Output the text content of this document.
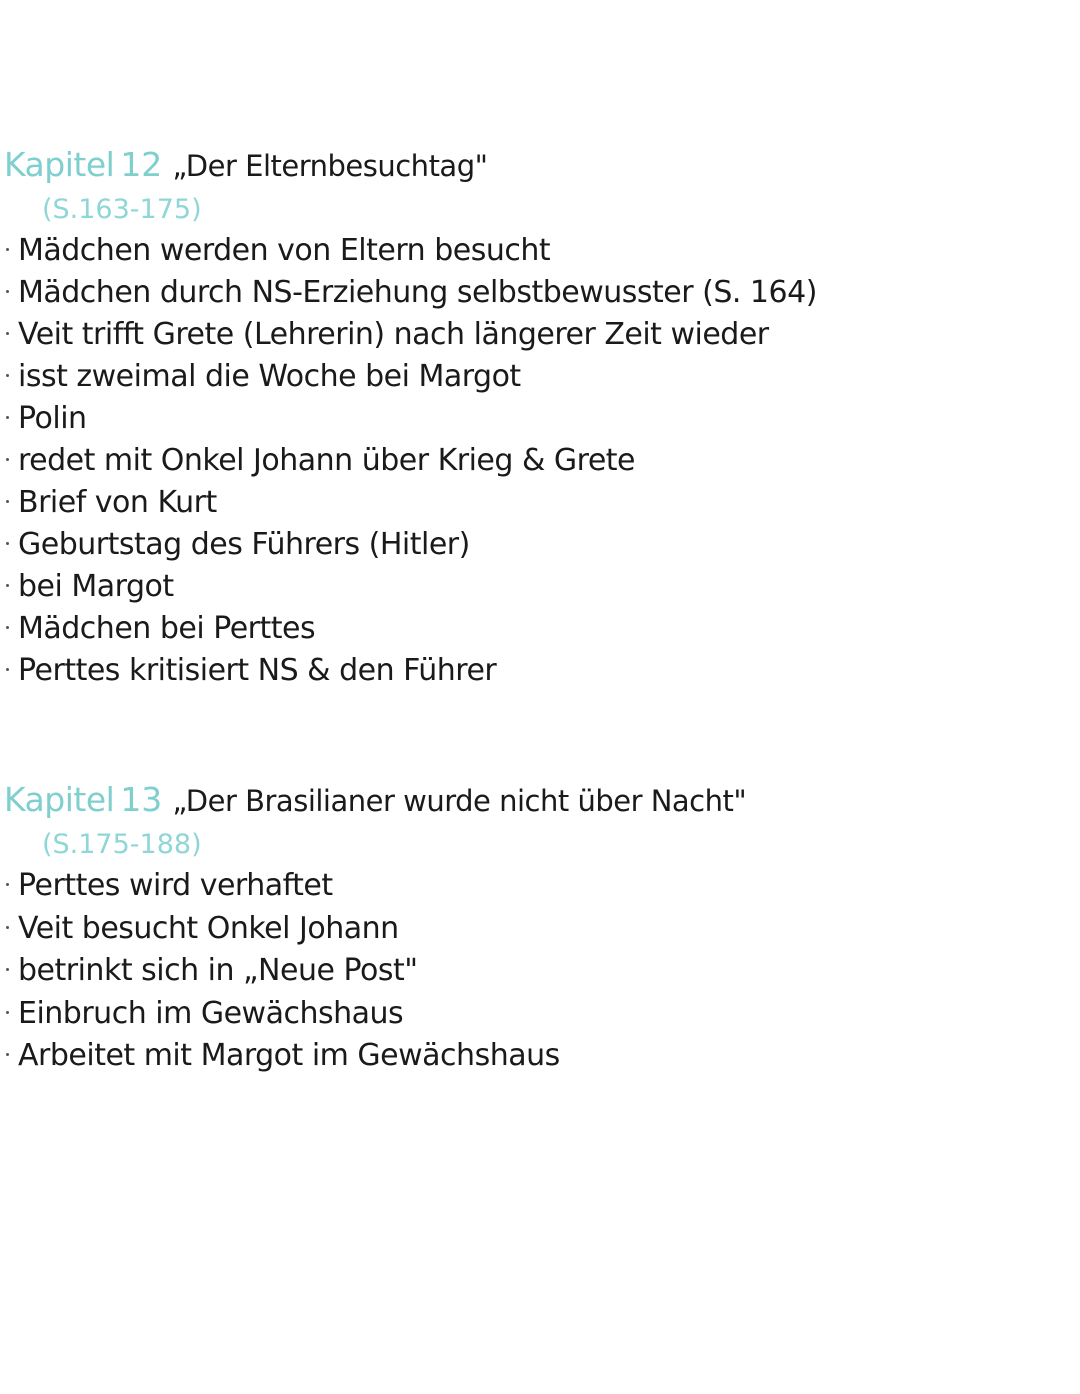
Kapitel 12 „Der Elternbesuchtag"
(S.163-175)
Mädchen werden von Eltern besucht
Mädchen durch NS-Erziehung selbstbewusster (S. 164)
Veit trifft Grete (Lehrerin) nach längerer Zeit wieder
isst zweimal die Woche bei Margot
Polin
redet mit Onkel Johann über Krieg & Grete
Brief von Kurt
Geburtstag des Führers (Hitler)
bei Margot
Mädchen bei Perttes
Perttes kritisiert NS & den Führer
Kapitel 13 „Der Brasilianer wurde nicht über Nacht"
(S.175-188)
Perttes wird verhaftet
Veit besucht Onkel Johann
betrinkt sich in „Neue Post"
Einbruch im Gewächshaus
Arbeitet mit Margot im Gewächshaus
